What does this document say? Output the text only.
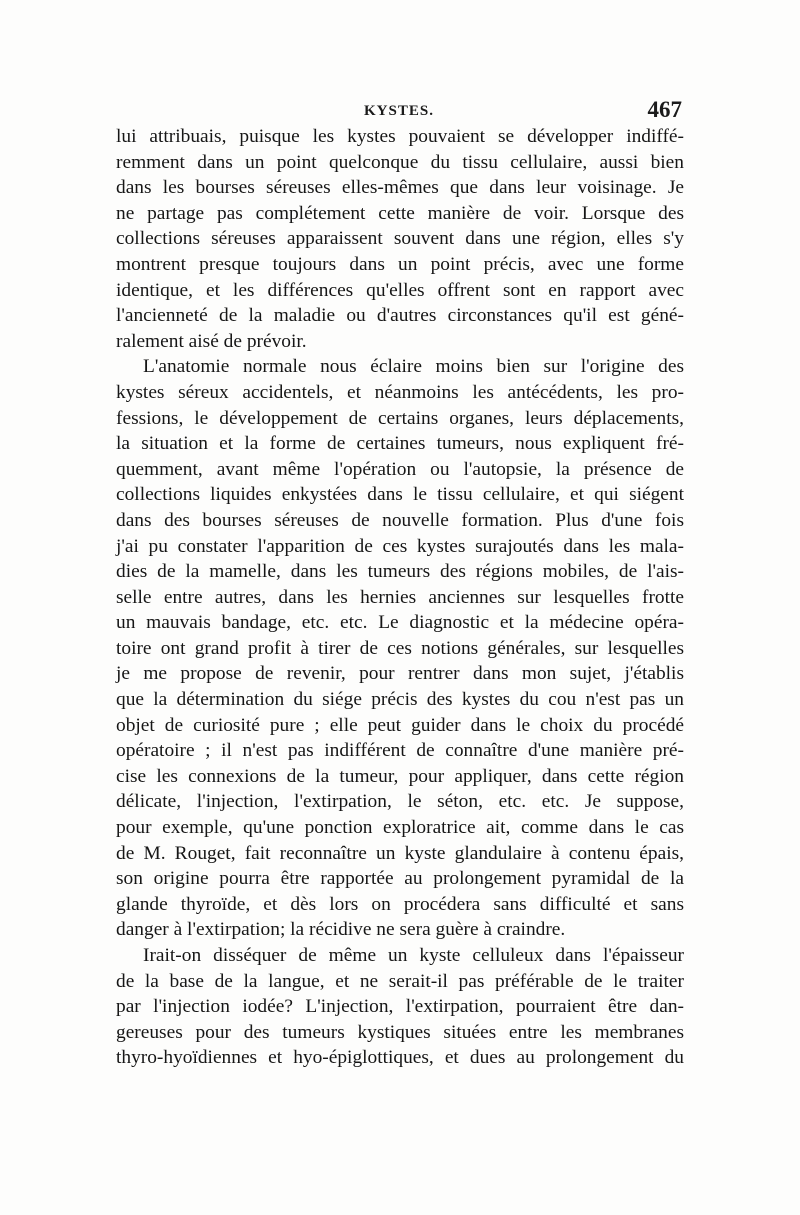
KYSTES.	467
lui attribuais, puisque les kystes pouvaient se développer indiffé-
remment dans un point quelconque du tissu cellulaire, aussi bien
dans les bourses séreuses elles-mêmes que dans leur voisinage. Je
ne partage pas complétement cette manière de voir. Lorsque des
collections séreuses apparaissent souvent dans une région, elles s'y
montrent presque toujours dans un point précis, avec une forme
identique, et les différences qu'elles offrent sont en rapport avec
l'ancienneté de la maladie ou d'autres circonstances qu'il est géné-
ralement aisé de prévoir.
L'anatomie normale nous éclaire moins bien sur l'origine des
kystes séreux accidentels, et néanmoins les antécédents, les pro-
fessions, le développement de certains organes, leurs déplacements,
la situation et la forme de certaines tumeurs, nous expliquent fré-
quemment, avant même l'opération ou l'autopsie, la présence de
collections liquides enkystées dans le tissu cellulaire, et qui siégent
dans des bourses séreuses de nouvelle formation. Plus d'une fois
j'ai pu constater l'apparition de ces kystes surajoutés dans les mala-
dies de la mamelle, dans les tumeurs des régions mobiles, de l'ais-
selle entre autres, dans les hernies anciennes sur lesquelles frotte
un mauvais bandage, etc. etc. Le diagnostic et la médecine opéra-
toire ont grand profit à tirer de ces notions générales, sur lesquelles
je me propose de revenir, pour rentrer dans mon sujet, j'établis
que la détermination du siége précis des kystes du cou n'est pas un
objet de curiosité pure ; elle peut guider dans le choix du procédé
opératoire ; il n'est pas indifférent de connaître d'une manière pré-
cise les connexions de la tumeur, pour appliquer, dans cette région
délicate, l'injection, l'extirpation, le séton, etc. etc. Je suppose,
pour exemple, qu'une ponction exploratrice ait, comme dans le cas
de M. Rouget, fait reconnaître un kyste glandulaire à contenu épais,
son origine pourra être rapportée au prolongement pyramidal de la
glande thyroïde, et dès lors on procédera sans difficulté et sans
danger à l'extirpation; la récidive ne sera guère à craindre.
Irait-on disséquer de même un kyste celluleux dans l'épaisseur
de la base de la langue, et ne serait-il pas préférable de le traiter
par l'injection iodée? L'injection, l'extirpation, pourraient être dan-
gereuses pour des tumeurs kystiques situées entre les membranes
thyro-hyoïdiennes et hyo-épiglottiques, et dues au prolongement du
